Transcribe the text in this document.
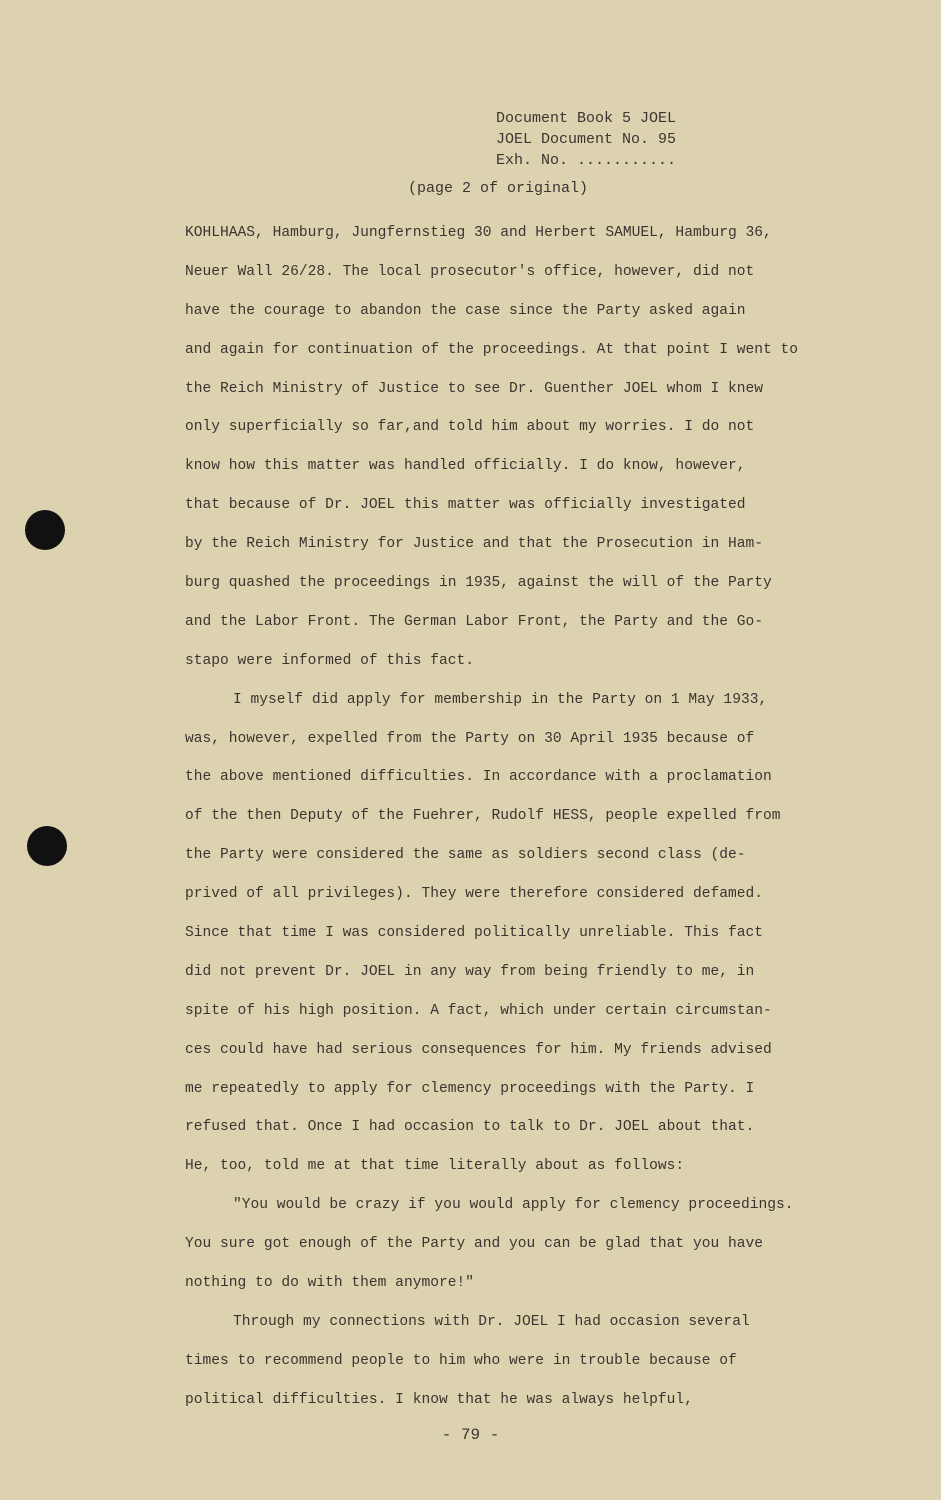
Document Book 5 JOEL
JOEL Document No. 95
Exh. No. ...........
(page 2 of original)
KOHLHAAS, Hamburg, Jungfernstieg 30 and Herbert SAMUEL, Hamburg 36,
Neuer Wall 26/28. The local prosecutor's office, however, did not
have the courage to abandon the case since the Party asked again
and again for continuation of the proceedings. At that point I went to
the Reich Ministry of Justice to see Dr. Guenther JOEL whom I knew
only superficially so far,and told him about my worries. I do not
know how this matter was handled officially. I do know, however,
that because of Dr. JOEL this matter was officially investigated
by the Reich Ministry for Justice and that the Prosecution in Ham-
burg quashed the proceedings in 1935, against the will of the Party
and the Labor Front. The German Labor Front, the Party and the Go-
stapo were informed of this fact.
I myself did apply for membership in the Party on 1 May 1933,
was, however, expelled from the Party on 30 April 1935 because of
the above mentioned difficulties. In accordance with a proclamation
of the then Deputy of the Fuehrer, Rudolf HESS, people expelled from
the Party were considered the same as soldiers second class (de-
prived of all privileges). They were therefore considered defamed.
Since that time I was considered politically unreliable. This fact
did not prevent Dr. JOEL in any way from being friendly to me, in
spite of his high position. A fact, which under certain circumstan-
ces could have had serious consequences for him. My friends advised
me repeatedly to apply for clemency proceedings with the Party. I
refused that. Once I had occasion to talk to Dr. JOEL about that.
He, too, told me at that time literally about as follows:
"You would be crazy if you would apply for clemency proceedings.
You sure got enough of the Party and you can be glad that you have
nothing to do with them anymore!"
Through my connections with Dr. JOEL I had occasion several
times to recommend people to him who were in trouble because of
political difficulties. I know that he was always helpful,
- 79 -
